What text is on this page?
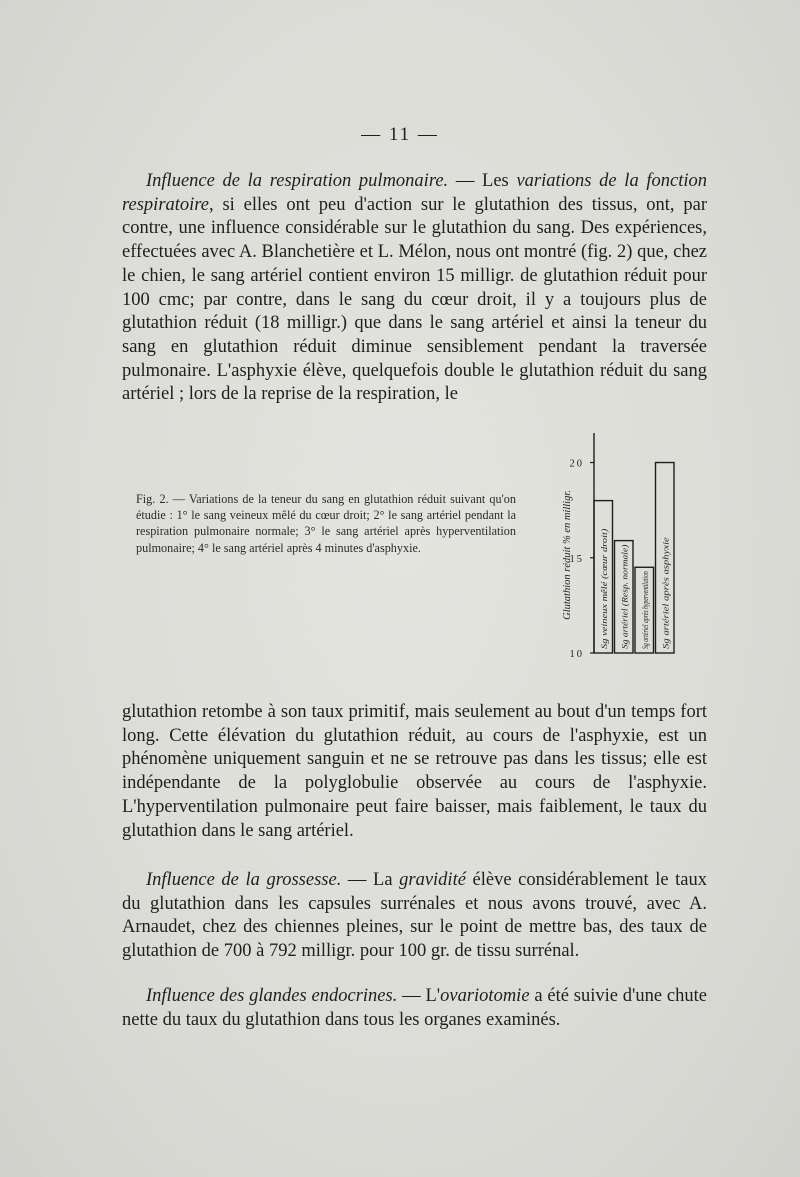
— 11 —

Influence de la respiration pulmonaire. — Les variations de la fonction respiratoire, si elles ont peu d'action sur le glutathion des tissus, ont, par contre, une influence considérable sur le glutathion du sang. Des expériences, effectuées avec A. Blanchetière et L. Mélon, nous ont montré (fig. 2) que, chez le chien, le sang artériel contient environ 15 milligr. de glutathion réduit pour 100 cmc; par contre, dans le sang du cœur droit, il y a toujours plus de glutathion réduit (18 milligr.) que dans le sang artériel et ainsi la teneur du sang en glutathion réduit diminue sensiblement pendant la traversée pulmonaire. L'asphyxie élève, quelquefois double le glutathion réduit du sang artériel ; lors de la reprise de la respiration, le

Fig. 2. — Variations de la teneur du sang en glutathion réduit suivant qu'on étudie : 1° le sang veineux mêlé du cœur droit; 2° le sang artériel pendant la respiration pulmonaire normale; 3° le sang artériel après hyperventilation pulmonaire; 4° le sang artériel après 4 minutes d'asphyxie.	Glutathion réduit % en milligr.
10
15
20
Sg veineux mêlé (cœur droit) Sg artériel (Resp. normale) Sg artériel après hyperventilation Sg artériel après asphyxie

glutathion retombe à son taux primitif, mais seulement au bout d'un temps fort long. Cette élévation du glutathion réduit, au cours de l'asphyxie, est un phénomène uniquement sanguin et ne se retrouve pas dans les tissus; elle est indépendante de la polyglobulie observée au cours de l'asphyxie. L'hyperventilation pulmonaire peut faire baisser, mais faiblement, le taux du glutathion dans le sang artériel.

Influence de la grossesse. — La gravidité élève considérablement le taux du glutathion dans les capsules surrénales et nous avons trouvé, avec A. Arnaudet, chez des chiennes pleines, sur le point de mettre bas, des taux de glutathion de 700 à 792 milligr. pour 100 gr. de tissu surrénal.

Influence des glandes endocrines. — L'ovariotomie a été suivie d'une chute nette du taux du glutathion dans tous les organes examinés.
